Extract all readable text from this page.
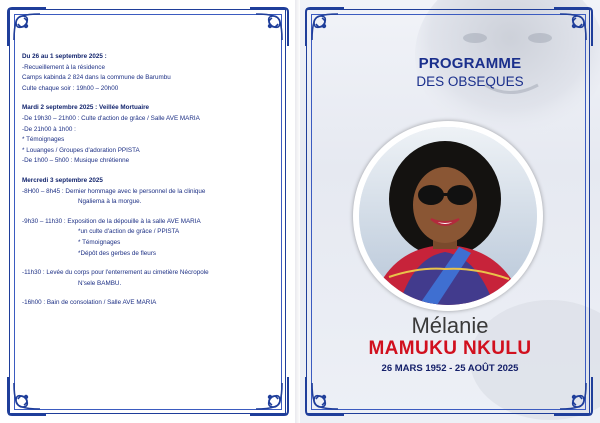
Du 26 au 1 septembre 2025 :
-Recueillement à la résidence
Camps kabinda 2 824 dans la commune de Barumbu
Culte chaque soir : 19h00 – 20h00
Mardi 2 septembre 2025 : Veillée Mortuaire
-De 19h30 – 21h00 : Culte d'action de grâce / Salle AVE MARIA
-De 21h00 à 1h00 :
* Témoignages
* Louanges / Groupes d'adoration PPISTA
-De 1h00 – 5h00 : Musique chrétienne
Mercredi 3 septembre 2025
-8H00 – 8h45 : Dernier hommage avec le personnel de la clinique
Ngaliema à la morgue.
-9h30 – 11h30 : Exposition de la dépouille à la salle AVE MARIA
*un culte d'action de grâce / PPISTA
* Témoignages
*Dépôt des gerbes de fleurs
-11h30 : Levée du corps pour l'enterrement au cimetière Nécropole
N'sele BAMBU.
-16h00 : Bain de consolation / Salle AVE MARIA
PROGRAMME
DES OBSEQUES
Mélanie
MAMUKU NKULU
26 MARS 1952 - 25 AOÛT 2025
